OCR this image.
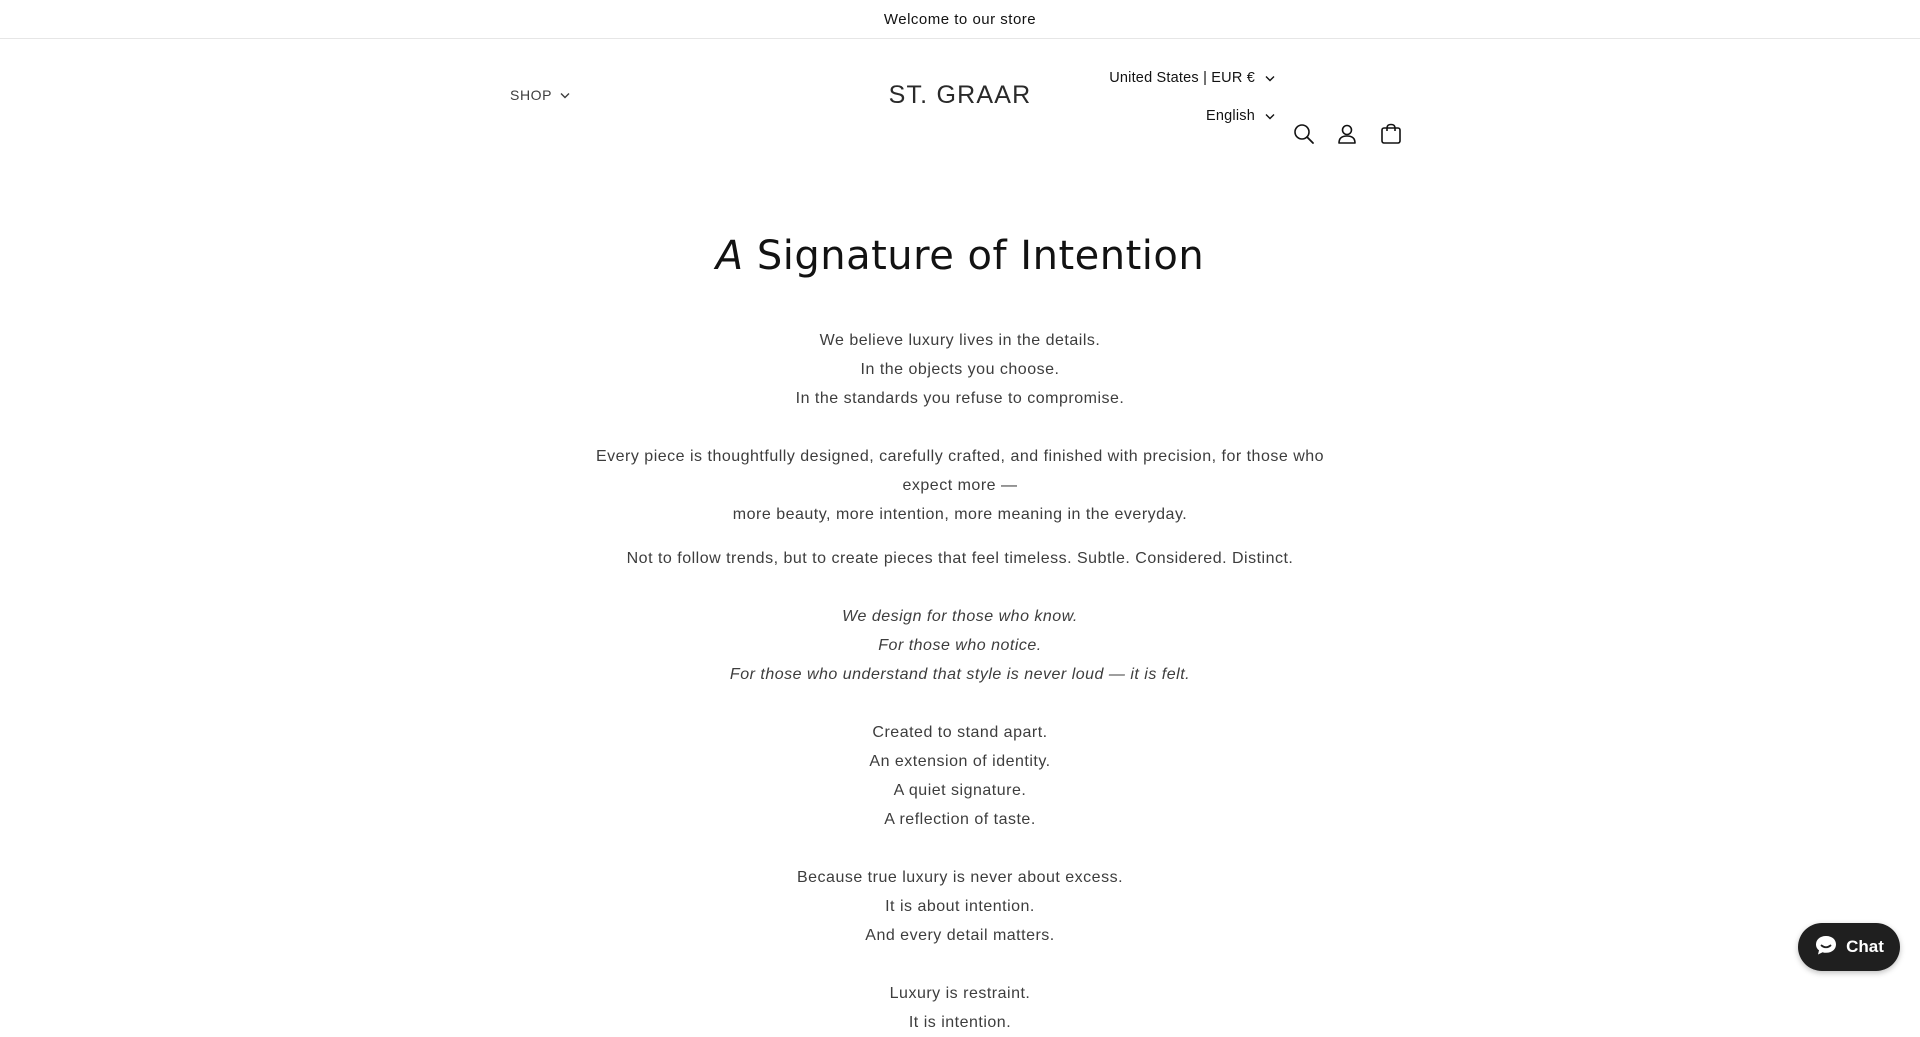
Welcome to our store
SHOP	ST. GRAAR
United States | EUR €
English
A Signature of Intention

We believe luxury lives in the details.

In the objects you choose.

In the standards you refuse to compromise.

Every piece is thoughtfully designed, carefully crafted, and finished with precision, for those who expect more —

more beauty, more intention, more meaning in the everyday.

Not to follow trends, but to create pieces that feel timeless. Subtle. Considered. Distinct.

We design for those who know.

For those who notice.

For those who understand that style is never loud — it is felt.

Created to stand apart.

An extension of identity.

A quiet signature.

A reflection of taste.

Because true luxury is never about excess.

It is about intention.

And every detail matters.

Luxury is restraint.

It is intention.

Chat
